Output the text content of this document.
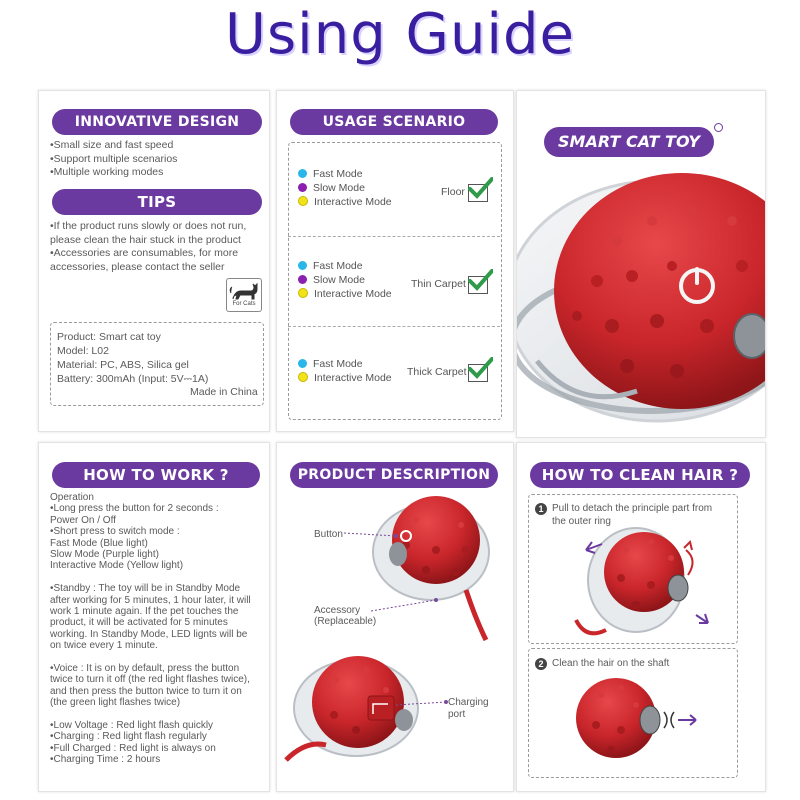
Using Guide
INNOVATIVE DESIGN
•Small size and fast speed
•Support multiple scenarios
•Multiple working modes
TIPS
•If the product runs slowly or does not run,
please clean the hair stuck in the product
•Accessories are consumables, for more
accessories, please contact the seller
For Cats
Product: Smart cat toy
Model: L02
Material: PC, ABS, Silica gel
Battery: 300mAh (Input: 5V⎓1A)
Made in China
USAGE SCENARIO
Fast Mode
Slow Mode
Interactive Mode
Floor
Fast Mode
Slow Mode
Interactive Mode
Thin Carpet
Fast Mode
Interactive Mode Thick Carpet
SMART CAT TOY
HOW TO WORK ?
Operation
•Long press the button for 2 seconds :
Power On / Off
•Short press to switch mode :
Fast Mode (Blue light)
Slow Mode (Purple light)
Interactive Mode (Yellow light)
•Standby : The toy will be in Standby Mode
after working for 5 minutes, 1 hour later, it will
work 1 minute again. If the pet touches the
product, it will be activated for 5 minutes
working. In Standby Mode, LED lignts will be
on twice every 1 minute.
•Voice : It is on by default, press the button
twice to turn it off (the red light flashes twice),
and then press the button twice to turn it on
(the green light flashes twice)
•Low Voltage : Red light flash quickly
•Charging : Red light flash regularly
•Full Charged : Red light is always on
•Charging Time : 2 hours
PRODUCT DESCRIPTION
Button
Accessory
(Replaceable)
Charging
port
HOW TO CLEAN HAIR ?
1 Pull to detach the principle part from
the outer ring
2 Clean the hair on the shaft
